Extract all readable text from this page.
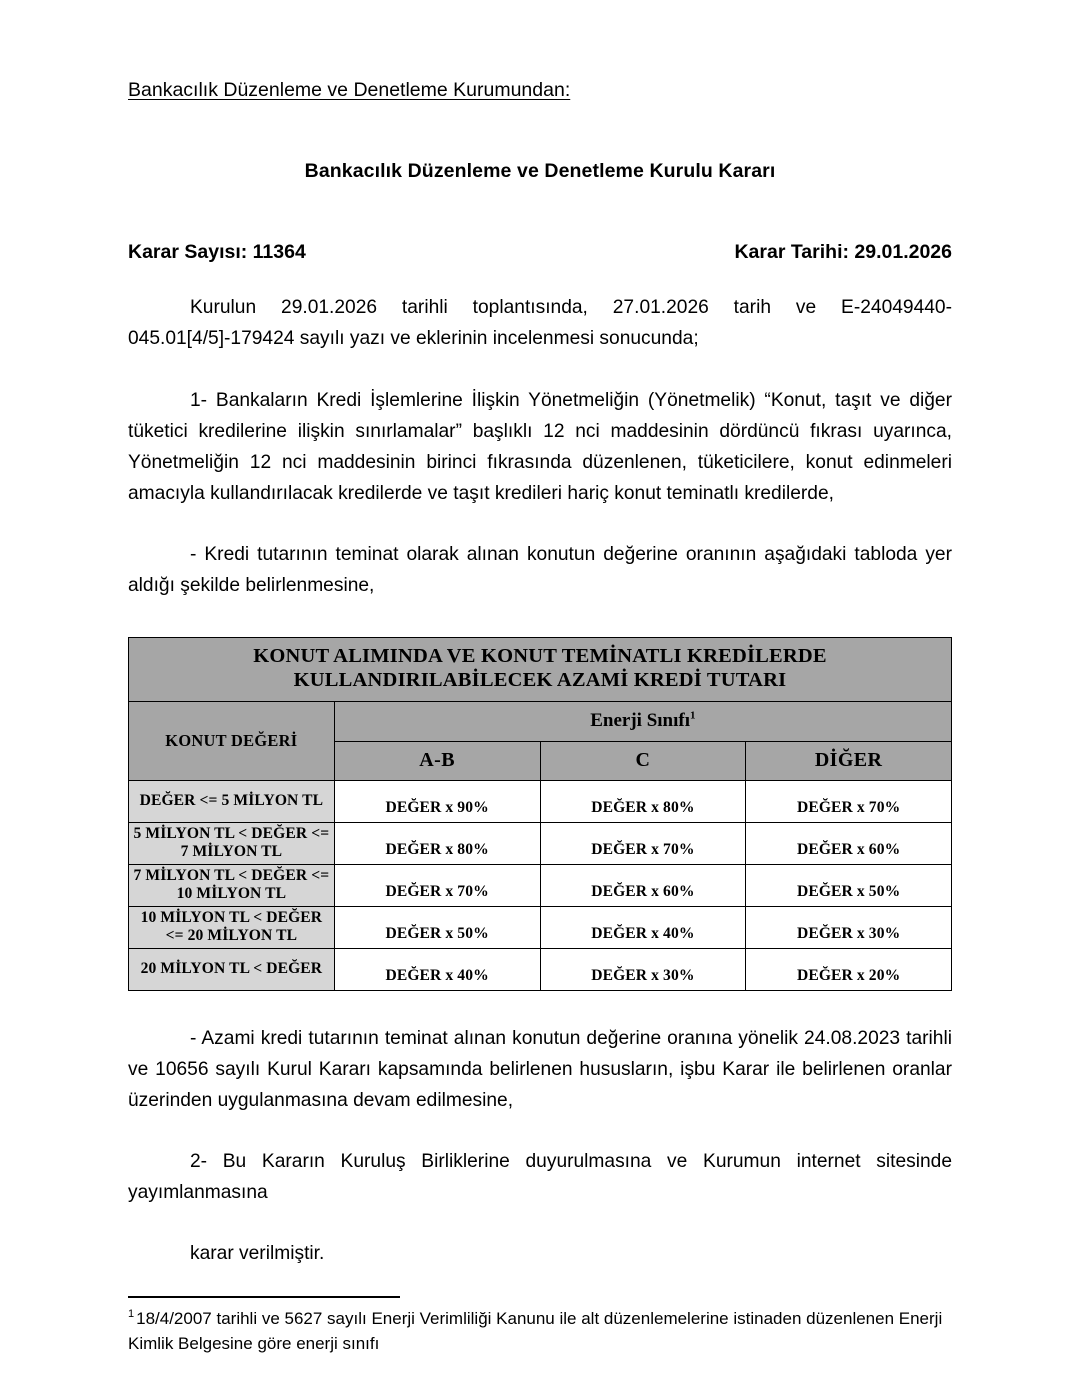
Bankacılık Düzenleme ve Denetleme Kurumundan:
Bankacılık Düzenleme ve Denetleme Kurulu Kararı
Karar Sayısı: 11364	Karar Tarihi: 29.01.2026

Kurulun 29.01.2026 tarihli toplantısında, 27.01.2026 tarih ve E-24049440-045.01[4/5]-179424 sayılı yazı ve eklerinin incelenmesi sonucunda;

1- Bankaların Kredi İşlemlerine İlişkin Yönetmeliğin (Yönetmelik) “Konut, taşıt ve diğer tüketici kredilerine ilişkin sınırlamalar” başlıklı 12 nci maddesinin dördüncü fıkrası uyarınca, Yönetmeliğin 12 nci maddesinin birinci fıkrasında düzenlenen, tüketicilere, konut edinmeleri amacıyla kullandırılacak kredilerde ve taşıt kredileri hariç konut teminatlı kredilerde,

- Kredi tutarının teminat olarak alınan konutun değerine oranının aşağıdaki tabloda yer aldığı şekilde belirlenmesine,

KONUT ALIMINDA VE KONUT TEMİNATLI KREDİLERDE
KULLANDIRILABİLECEK AZAMİ KREDİ TUTARI			

KONUT DEĞERİ	Enerji Sınıfı$^1$
	A-B	C	DİĞER
DEĞER <= 5 MİLYON TL	DEĞER x 90%	DEĞER x 80%	DEĞER x 70%
5 MİLYON TL < DEĞER <= 7 MİLYON TL	DEĞER x 80%	DEĞER x 70%	DEĞER x 60%
7 MİLYON TL < DEĞER <= 10 MİLYON TL	DEĞER x 70%	DEĞER x 60%	DEĞER x 50%
10 MİLYON TL < DEĞER <= 20 MİLYON TL	DEĞER x 50%	DEĞER x 40%	DEĞER x 30%
20 MİLYON TL < DEĞER	DEĞER x 40%	DEĞER x 30%	DEĞER x 20%

- Azami kredi tutarının teminat alınan konutun değerine oranına yönelik 24.08.2023 tarihli ve 10656 sayılı Kurul Kararı kapsamında belirlenen hususların, işbu Karar ile belirlenen oranlar üzerinden uygulanmasına devam edilmesine,

2- Bu Kararın Kuruluş Birliklerine duyurulmasına ve Kurumun internet sitesinde yayımlanmasına

karar verilmiştir.

$^1$ 18/4/2007 tarihli ve 5627 sayılı Enerji Verimliliği Kanunu ile alt düzenlemelerine istinaden düzenlenen Enerji Kimlik Belgesine göre enerji sınıfı
